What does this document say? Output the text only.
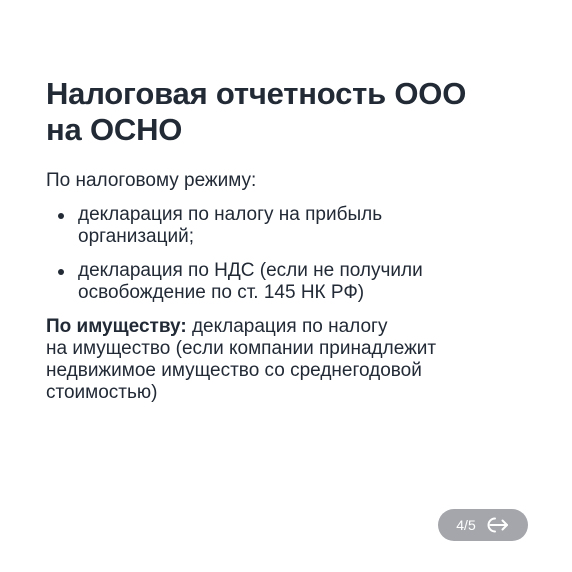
Налоговая отчетность ООО
на ОСНО

По налоговому режиму:

декларация по налогу на прибыль
организаций;
декларация по НДС (если не получили
освобождение по ст. 145 НК РФ)

По имуществу: декларация по налогу
на имущество (если компании принадлежит
недвижимое имущество со среднегодовой
стоимостью)

4/5
